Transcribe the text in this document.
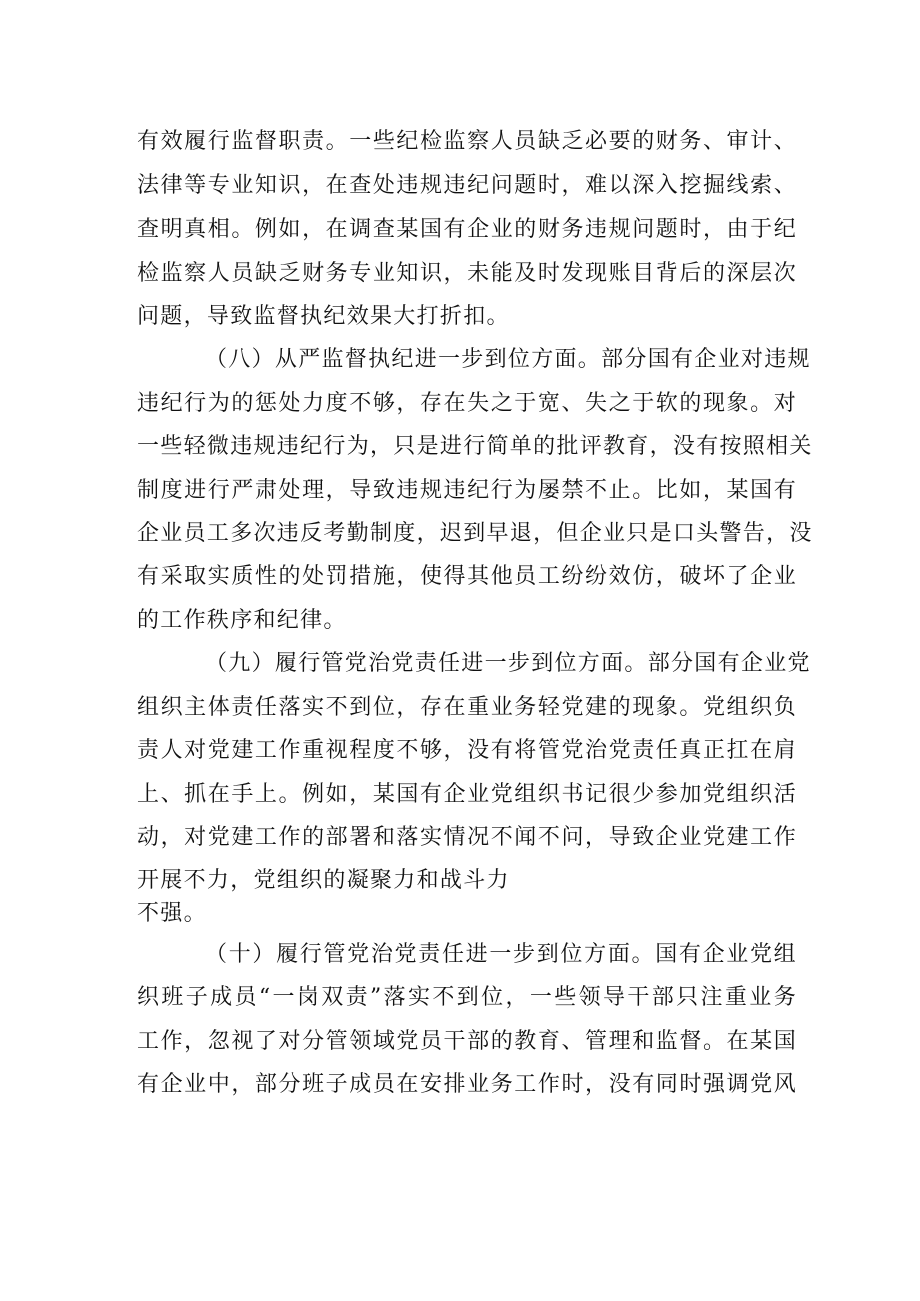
有效履行监督职责。一些纪检监察人员缺乏必要的财务、审计、
法律等专业知识，在查处违规违纪问题时，难以深入挖掘线索、
查明真相。例如，在调查某国有企业的财务违规问题时，由于纪
检监察人员缺乏财务专业知识，未能及时发现账目背后的深层次
问题，导致监督执纪效果大打折扣。
（八）从严监督执纪进一步到位方面。部分国有企业对违规
违纪行为的惩处力度不够，存在失之于宽、失之于软的现象。对
一些轻微违规违纪行为，只是进行简单的批评教育，没有按照相关
制度进行严肃处理，导致违规违纪行为屡禁不止。比如，某国有
企业员工多次违反考勤制度，迟到早退，但企业只是口头警告，没
有采取实质性的处罚措施，使得其他员工纷纷效仿，破坏了企业
的工作秩序和纪律。
（九）履行管党治党责任进一步到位方面。部分国有企业党
组织主体责任落实不到位，存在重业务轻党建的现象。党组织负
责人对党建工作重视程度不够，没有将管党治党责任真正扛在肩
上、抓在手上。例如，某国有企业党组织书记很少参加党组织活
动，对党建工作的部署和落实情况不闻不问，导致企业党建工作
开展不力，党组织的凝聚力和战斗力
不强。
（十）履行管党治党责任进一步到位方面。国有企业党组
织班子成员“一岗双责”落实不到位，一些领导干部只注重业务
工作，忽视了对分管领域党员干部的教育、管理和监督。在某国
有企业中，部分班子成员在安排业务工作时，没有同时强调党风
